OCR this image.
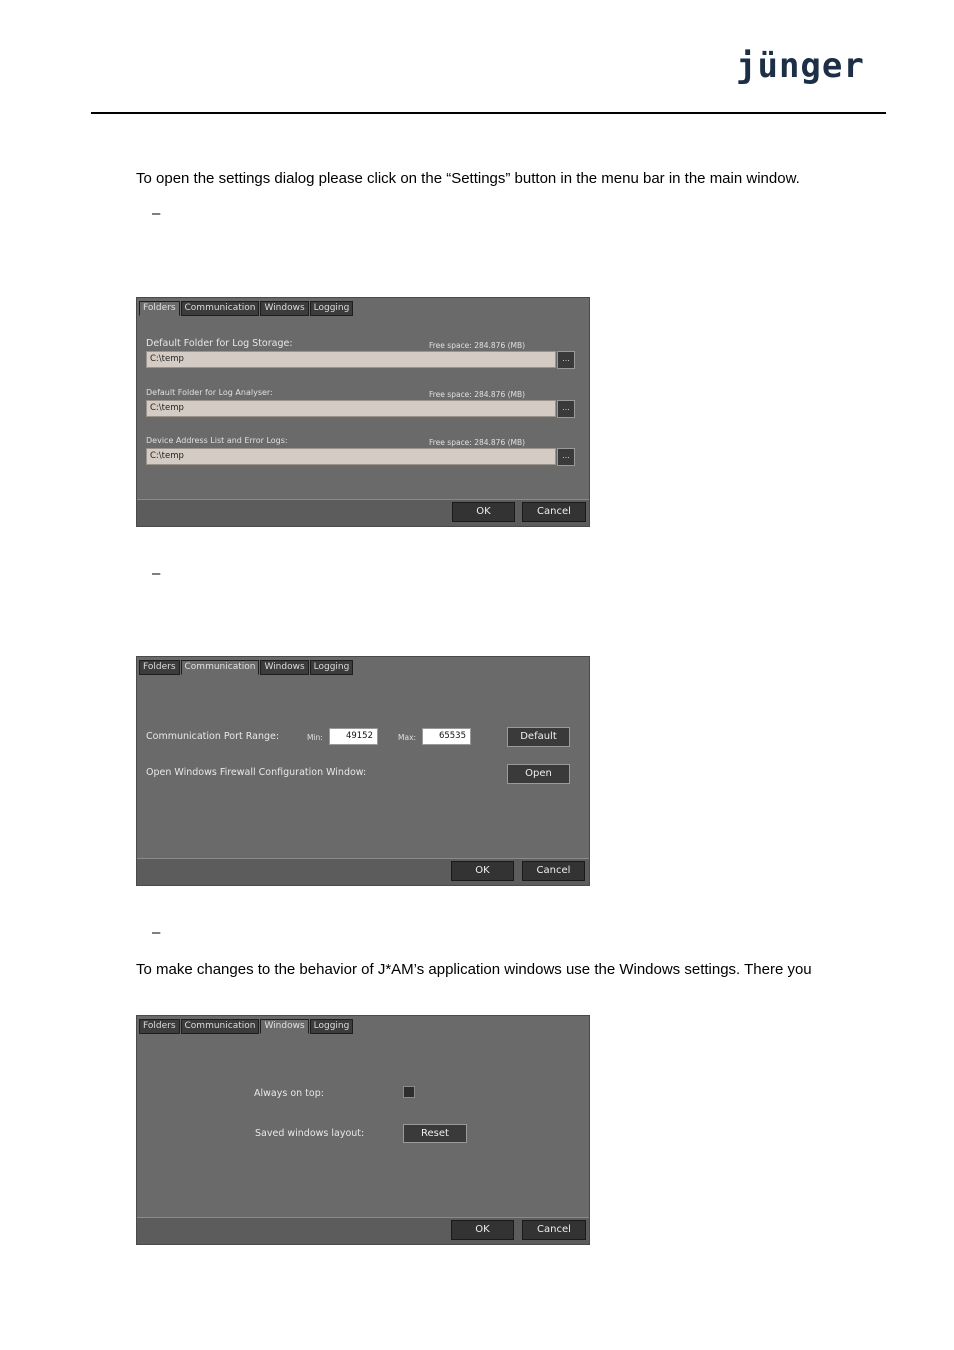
jünger
To open the settings dialog please click on the “Settings” button in the menu bar in the main window.
–
Folders	Communication	Windows	Logging
Default Folder for Log Storage:	Free space: 284.876 (MB)
C:\temp	...
Default Folder for Log Analyser:	Free space: 284.876 (MB)
C:\temp	...
Device Address List and Error Logs:	Free space: 284.876 (MB)
C:\temp	...
OK	Cancel
–
Folders	Communication	Windows	Logging
Communication Port Range:	Min:	49152	Max:	65535	Default
Open Windows Firewall Configuration Window:	Open
OK	Cancel
–
To make changes to the behavior of J*AM’s application windows use the Windows settings. There you
Folders	Communication	Windows	Logging
Always on top:
Saved windows layout:	Reset
OK	Cancel
